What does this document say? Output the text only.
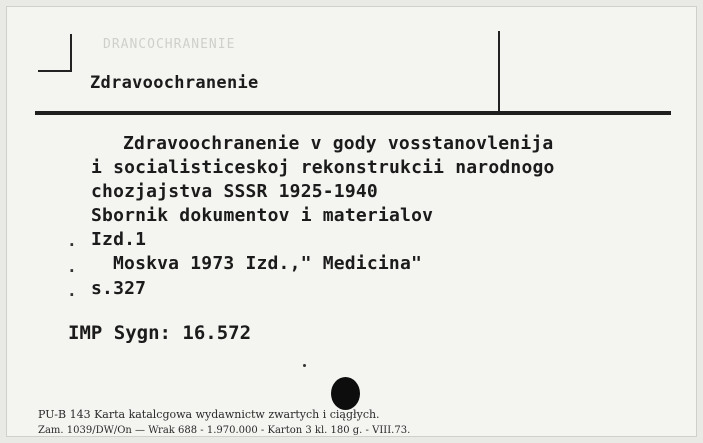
DRANCOCHRANENIE
Zdravoochranenie
Zdravoochranenie v gody vosstanovlenija
i socialisticeskoj rekonstrukcii narodnogo
chozjajstva SSSR 1925-1940
Sbornik dokumentov i materialov
. Izd.1
. Moskva 1973 Izd.," Medicina"
. s.327
IMP Sygn: 16.572
PU-B 143 Karta katalcgowa wydawnictw zwartych i ciągłych.
Zam. 1039/DW/On — Wrak 688 - 1.970.000 - Karton 3 kl. 180 g. - VIII.73.
